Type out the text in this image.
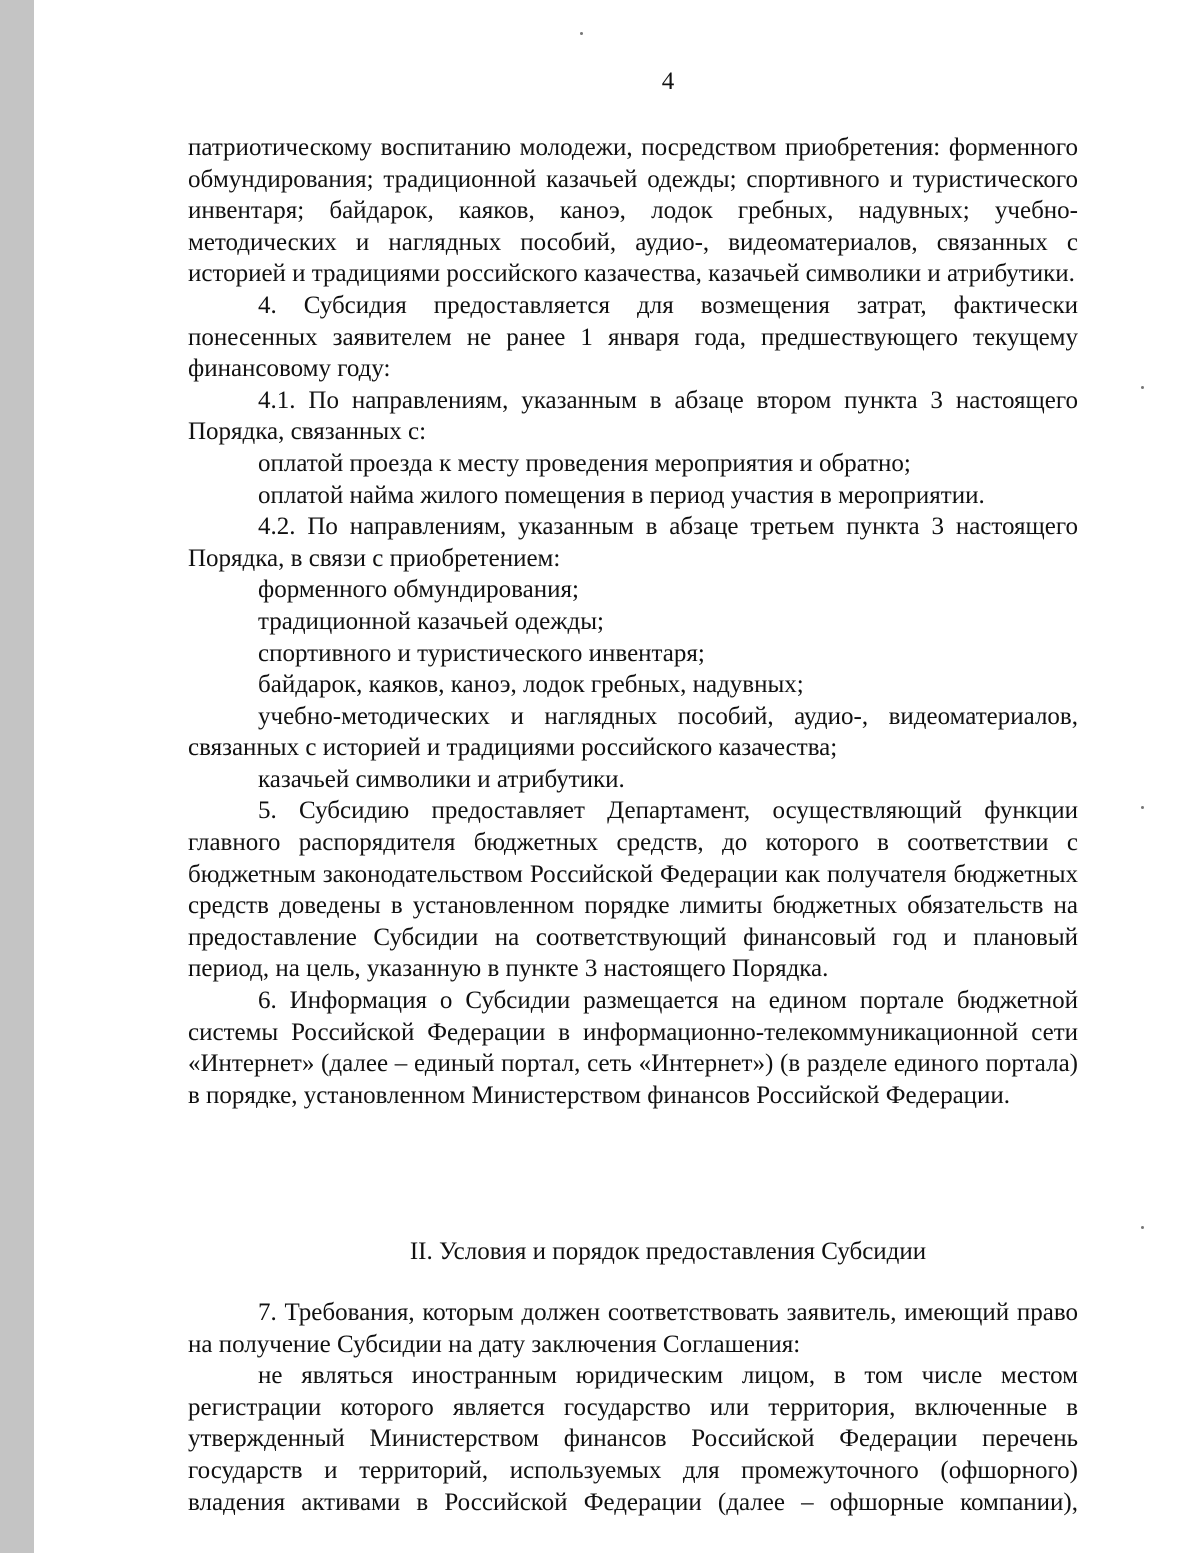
4

патриотическому воспитанию молодежи, посредством приобретения: форменного обмундирования; традиционной казачьей одежды; спортивного и туристического инвентаря; байдарок, каяков, каноэ, лодок гребных, надувных; учебно-методических и наглядных пособий, аудио-, видеоматериалов, связанных с историей и традициями российского казачества, казачьей символики и атрибутики.

4. Субсидия предоставляется для возмещения затрат, фактически понесенных заявителем не ранее 1 января года, предшествующего текущему финансовому году:

4.1. По направлениям, указанным в абзаце втором пункта 3 настоящего Порядка, связанных с:

оплатой проезда к месту проведения мероприятия и обратно;

оплатой найма жилого помещения в период участия в мероприятии.

4.2. По направлениям, указанным в абзаце третьем пункта 3 настоящего Порядка, в связи с приобретением:

форменного обмундирования;

традиционной казачьей одежды;

спортивного и туристического инвентаря;

байдарок, каяков, каноэ, лодок гребных, надувных;

учебно-методических и наглядных пособий, аудио-, видеоматериалов, связанных с историей и традициями российского казачества;

казачьей символики и атрибутики.

5. Субсидию предоставляет Департамент, осуществляющий функции главного распорядителя бюджетных средств, до которого в соответствии с бюджетным законодательством Российской Федерации как получателя бюджетных средств доведены в установленном порядке лимиты бюджетных обязательств на предоставление Субсидии на соответствующий финансовый год и плановый период, на цель, указанную в пункте 3 настоящего Порядка.

6. Информация о Субсидии размещается на едином портале бюджетной системы Российской Федерации в информационно-телекоммуникационной сети «Интернет» (далее – единый портал, сеть «Интернет») (в разделе единого портала) в порядке, установленном Министерством финансов Российской Федерации.

II. Условия и порядок предоставления Субсидии

7. Требования, которым должен соответствовать заявитель, имеющий право на получение Субсидии на дату заключения Соглашения:

не являться иностранным юридическим лицом, в том числе местом регистрации которого является государство или территория, включенные в утвержденный Министерством финансов Российской Федерации перечень государств и территорий, используемых для промежуточного (офшорного) владения активами в Российской Федерации (далее – офшорные компании),
